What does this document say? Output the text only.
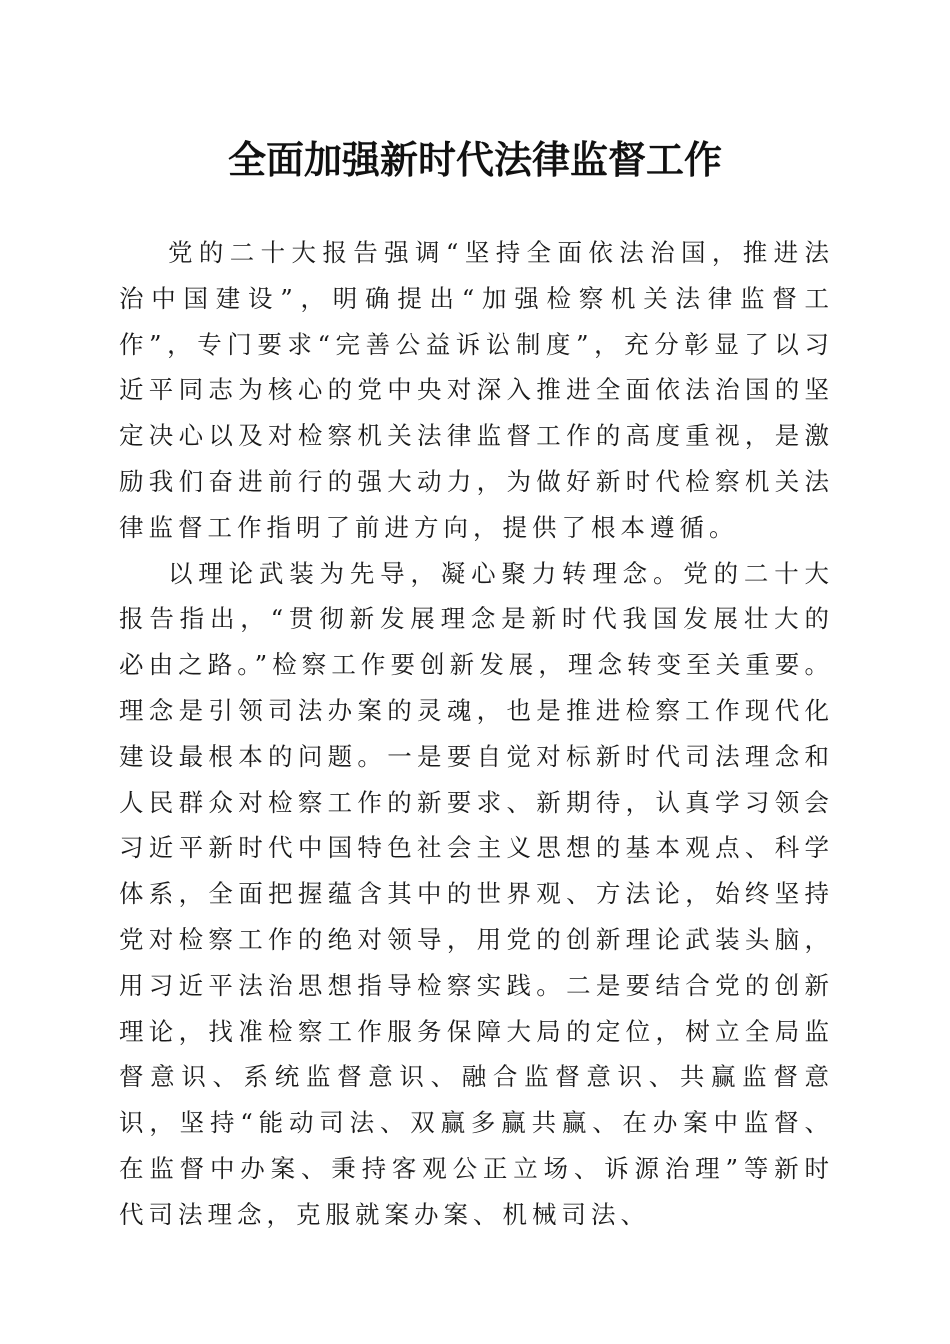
全面加强新时代法律监督工作

党的二十大报告强调“坚持全面依法治国，推进法治中国建设”，明确提出“加强检察机关法律监督工作”，专门要求“完善公益诉讼制度”，充分彰显了以习近平同志为核心的党中央对深入推进全面依法治国的坚定决心以及对检察机关法律监督工作的高度重视，是激励我们奋进前行的强大动力，为做好新时代检察机关法律监督工作指明了前进方向，提供了根本遵循。

以理论武装为先导，凝心聚力转理念。党的二十大报告指出，“贯彻新发展理念是新时代我国发展壮大的必由之路。”检察工作要创新发展，理念转变至关重要。理念是引领司法办案的灵魂，也是推进检察工作现代化建设最根本的问题。一是要自觉对标新时代司法理念和人民群众对检察工作的新要求、新期待，认真学习领会习近平新时代中国特色社会主义思想的基本观点、科学体系，全面把握蕴含其中的世界观、方法论，始终坚持党对检察工作的绝对领导，用党的创新理论武装头脑，用习近平法治思想指导检察实践。二是要结合党的创新理论，找准检察工作服务保障大局的定位，树立全局监督意识、系统监督意识、融合监督意识、共赢监督意识，坚持“能动司法、双赢多赢共赢、在办案中监督、在监督中办案、秉持客观公正立场、诉源治理”等新时代司法理念，克服就案办案、机械司法、
